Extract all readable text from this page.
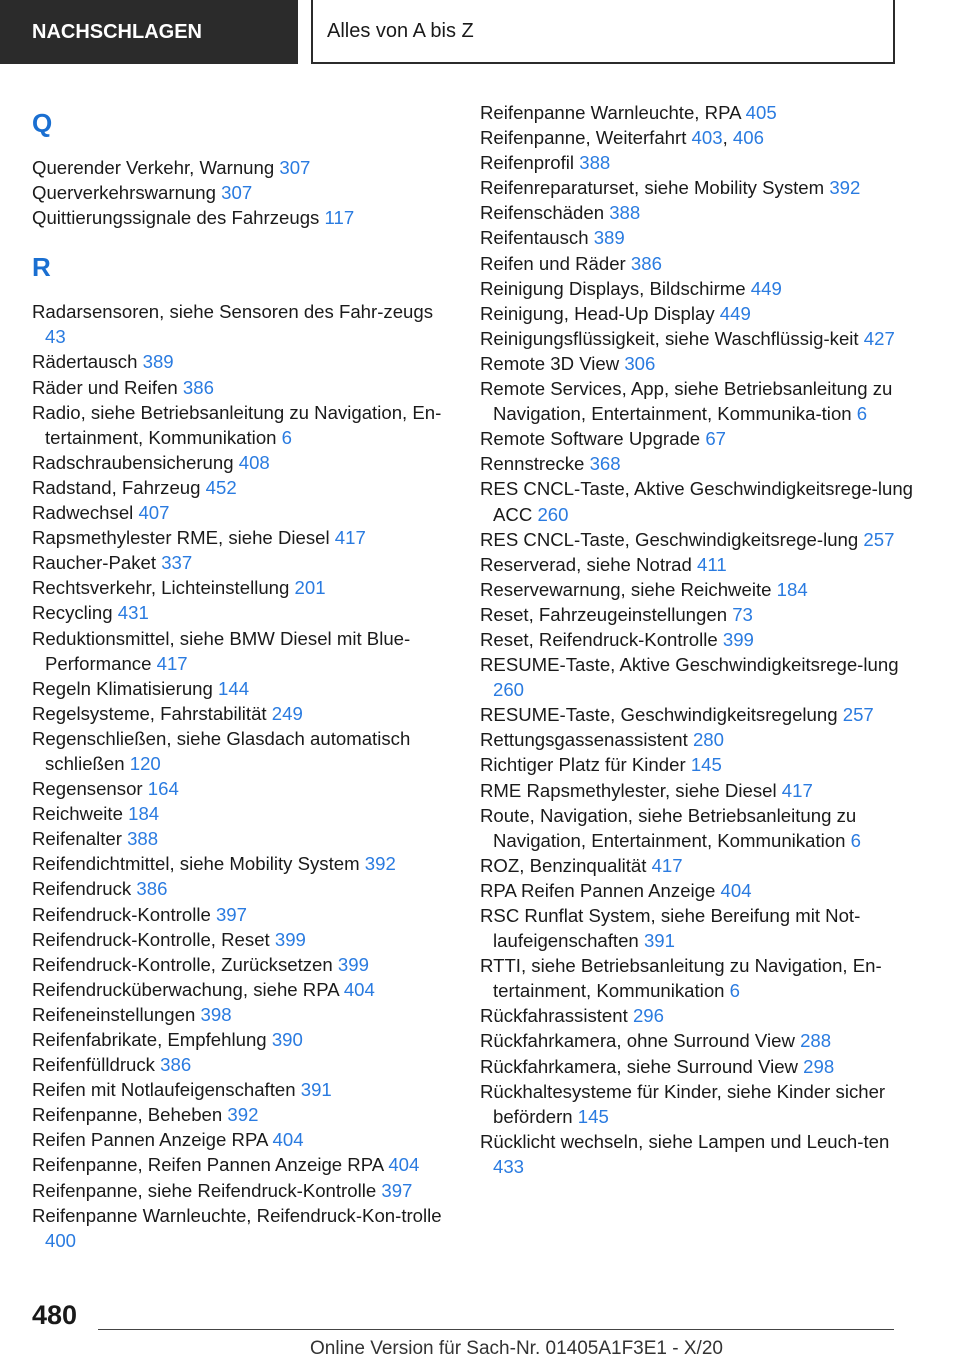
NACHSCHLAGEN	Alles von A bis Z
Q
Querender Verkehr, Warnung 307
Querverkehrswarnung 307
Quittierungssignale des Fahrzeugs 117
R
Radarsensoren, siehe Sensoren des Fahr-zeugs 43
Rädertausch 389
Räder und Reifen 386
Radio, siehe Betriebsanleitung zu Navigation, En-tertainment, Kommunikation 6
Radschraubensicherung 408
Radstand, Fahrzeug 452
Radwechsel 407
Rapsmethylester RME, siehe Diesel 417
Raucher-Paket 337
Rechtsverkehr, Lichteinstellung 201
Recycling 431
Reduktionsmittel, siehe BMW Diesel mit Blue-Performance 417
Regeln Klimatisierung 144
Regelsysteme, Fahrstabilität 249
Regenschließen, siehe Glasdach automatisch schließen 120
Regensensor 164
Reichweite 184
Reifenalter 388
Reifendichtmittel, siehe Mobility System 392
Reifendruck 386
Reifendruck-Kontrolle 397
Reifendruck-Kontrolle, Reset 399
Reifendruck-Kontrolle, Zurücksetzen 399
Reifendrucküberwachung, siehe RPA 404
Reifeneinstellungen 398
Reifenfabrikate, Empfehlung 390
Reifenfülldruck 386
Reifen mit Notlaufeigenschaften 391
Reifenpanne, Beheben 392
Reifen Pannen Anzeige RPA 404
Reifenpanne, Reifen Pannen Anzeige RPA 404
Reifenpanne, siehe Reifendruck-Kontrolle 397
Reifenpanne Warnleuchte, Reifendruck-Kon-trolle 400
Reifenpanne Warnleuchte, RPA 405
Reifenpanne, Weiterfahrt 403, 406
Reifenprofil 388
Reifenreparaturset, siehe Mobility System 392
Reifenschäden 388
Reifentausch 389
Reifen und Räder 386
Reinigung Displays, Bildschirme 449
Reinigung, Head-Up Display 449
Reinigungsflüssigkeit, siehe Waschflüssig-keit 427
Remote 3D View 306
Remote Services, App, siehe Betriebsanleitung zu Navigation, Entertainment, Kommunika-tion 6
Remote Software Upgrade 67
Rennstrecke 368
RES CNCL-Taste, Aktive Geschwindigkeitsrege-lung ACC 260
RES CNCL-Taste, Geschwindigkeitsrege-lung 257
Reserverad, siehe Notrad 411
Reservewarnung, siehe Reichweite 184
Reset, Fahrzeugeinstellungen 73
Reset, Reifendruck-Kontrolle 399
RESUME-Taste, Aktive Geschwindigkeitsrege-lung 260
RESUME-Taste, Geschwindigkeitsregelung 257
Rettungsgassenassistent 280
Richtiger Platz für Kinder 145
RME Rapsmethylester, siehe Diesel 417
Route, Navigation, siehe Betriebsanleitung zu Navigation, Entertainment, Kommunikation 6
ROZ, Benzinqualität 417
RPA Reifen Pannen Anzeige 404
RSC Runflat System, siehe Bereifung mit Not-laufeigenschaften 391
RTTI, siehe Betriebsanleitung zu Navigation, En-tertainment, Kommunikation 6
Rückfahrassistent 296
Rückfahrkamera, ohne Surround View 288
Rückfahrkamera, siehe Surround View 298
Rückhaltesysteme für Kinder, siehe Kinder sicher befördern 145
Rücklicht wechseln, siehe Lampen und Leuch-ten 433
480
Online Version für Sach-Nr. 01405A1F3E1 - X/20
